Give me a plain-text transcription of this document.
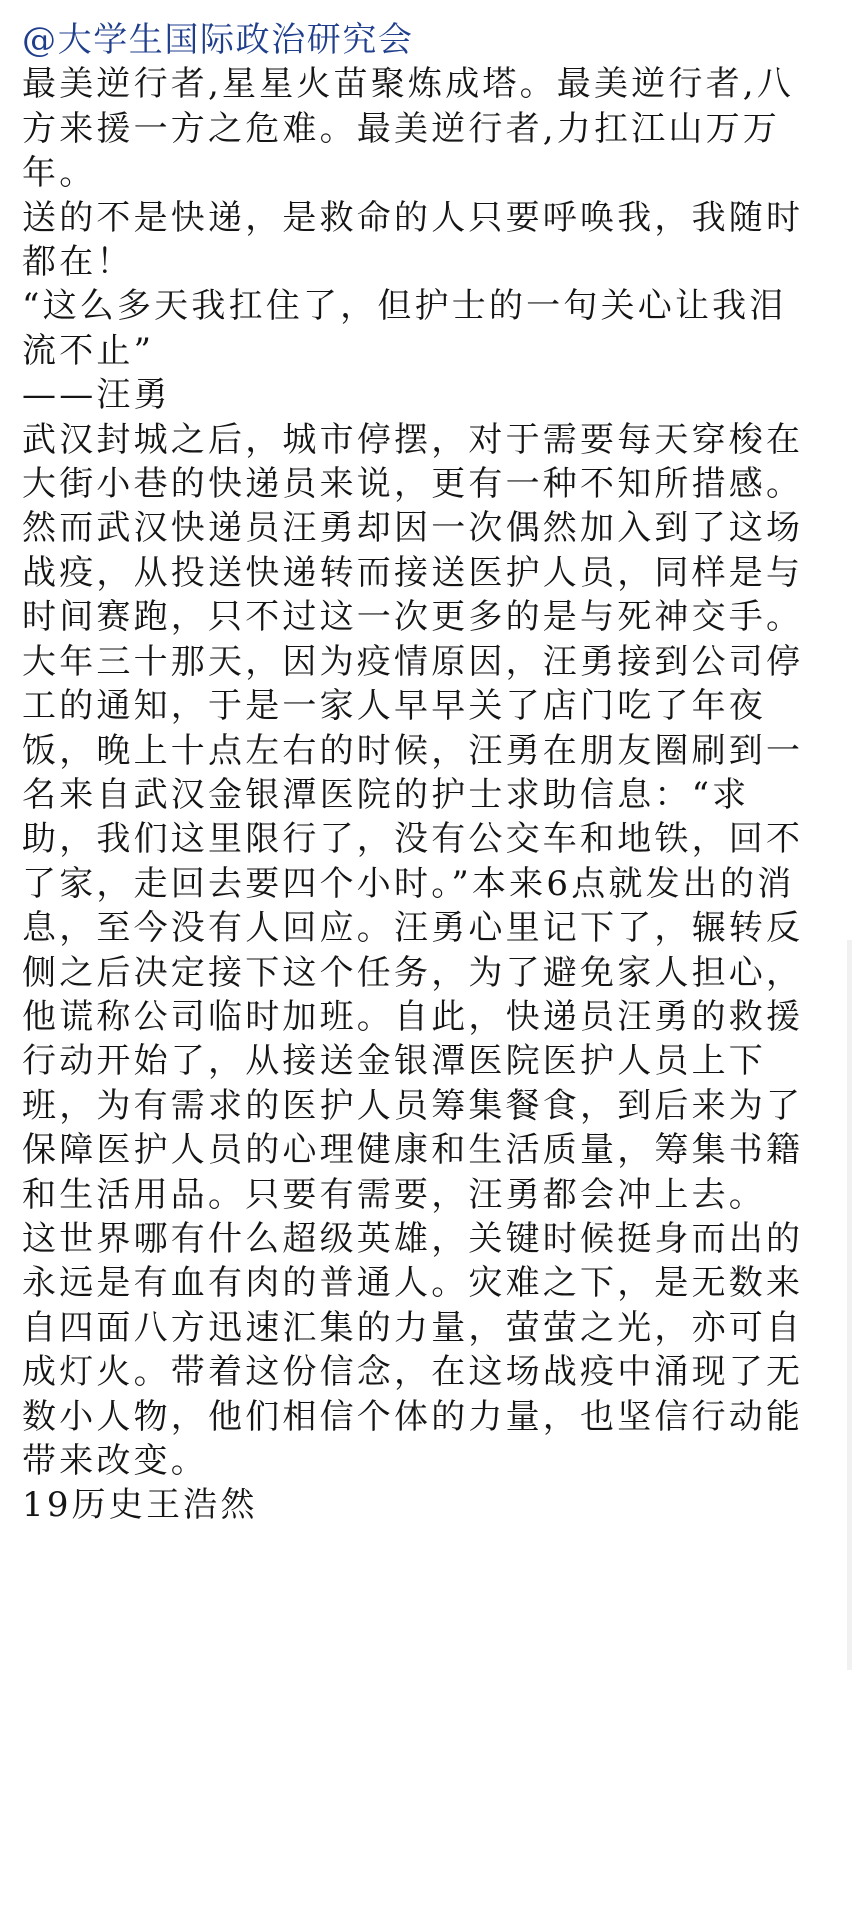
@大学生国际政治研究会
最美逆行者,星星火苗聚炼成塔。最美逆行者,八
方来援一方之危难。最美逆行者,力扛江山万万
年。
送的不是快递，是救命的人只要呼唤我，我随时
都在！
“这么多天我扛住了，但护士的一句关心让我泪
流不止”
——汪勇
武汉封城之后，城市停摆，对于需要每天穿梭在
大街小巷的快递员来说，更有一种不知所措感。
然而武汉快递员汪勇却因一次偶然加入到了这场
战疫，从投送快递转而接送医护人员，同样是与
时间赛跑，只不过这一次更多的是与死神交手。
大年三十那天，因为疫情原因，汪勇接到公司停
工的通知，于是一家人早早关了店门吃了年夜
饭，晚上十点左右的时候，汪勇在朋友圈刷到一
名来自武汉金银潭医院的护士求助信息：“求
助，我们这里限行了，没有公交车和地铁，回不
了家，走回去要四个小时。”本来6点就发出的消
息，至今没有人回应。汪勇心里记下了，辗转反
侧之后决定接下这个任务，为了避免家人担心，
他谎称公司临时加班。自此，快递员汪勇的救援
行动开始了，从接送金银潭医院医护人员上下
班，为有需求的医护人员筹集餐食，到后来为了
保障医护人员的心理健康和生活质量，筹集书籍
和生活用品。只要有需要，汪勇都会冲上去。
这世界哪有什么超级英雄，关键时候挺身而出的
永远是有血有肉的普通人。灾难之下，是无数来
自四面八方迅速汇集的力量，萤萤之光，亦可自
成灯火。带着这份信念，在这场战疫中涌现了无
数小人物，他们相信个体的力量，也坚信行动能
带来改变。
19历史王浩然
